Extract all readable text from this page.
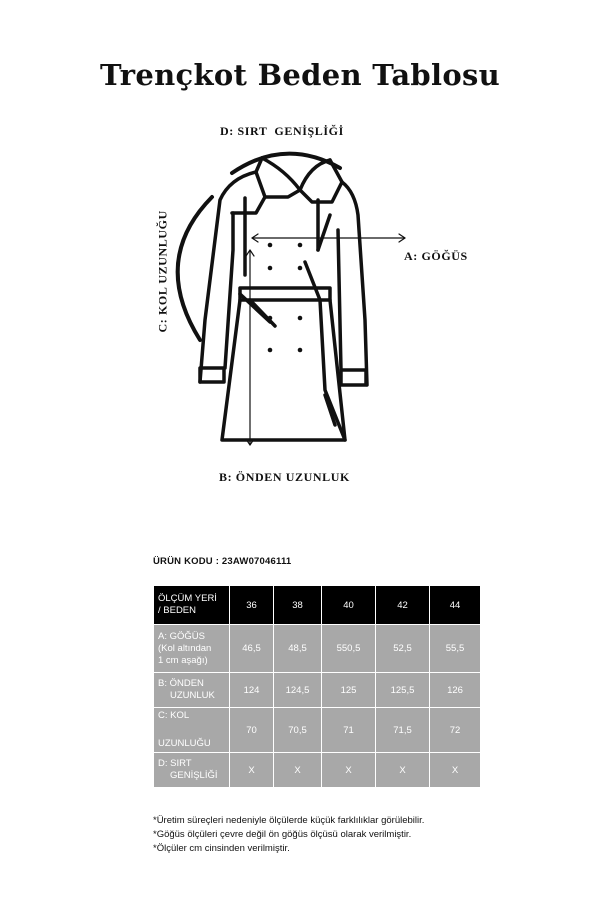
Trençkot Beden Tablosu
D: SIRT  GENİŞLİĞİ
A: GÖĞÜS
B: ÖNDEN UZUNLUK
C: KOL UZUNLUĞU
ÜRÜN KODU : 23AW07046111
ÖLÇÜM YERİ
/ BEDEN	36	38	40	42	44
A: GÖĞÜS
(Kol altından
1 cm aşağı)	46,5	48,5	550,5	52,5	55,5
B: ÖNDEN
UZUNLUK	124	124,5	125	125,5	126
C: KOL

UZUNLUĞU	70	70,5	71	71,5	72
D: SIRT
GENİŞLİĞİ	X	X	X	X	X
*Üretim süreçleri nedeniyle ölçülerde küçük farklılıklar görülebilir.
*Göğüs ölçüleri çevre değil ön göğüs ölçüsü olarak verilmiştir.
*Ölçüler cm cinsinden verilmiştir.
